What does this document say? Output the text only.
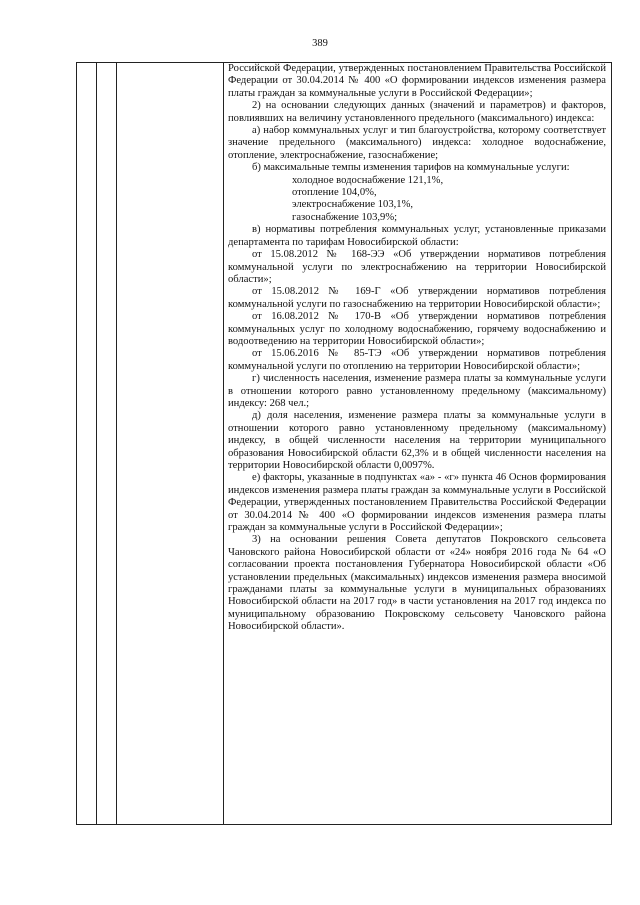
389

Российской Федерации, утвержденных постановлением Правительства Российской Федерации от 30.04.2014 № 400 «О формировании индексов изменения размера платы граждан за коммунальные услуги в Российской Федерации»;

2) на основании следующих данных (значений и параметров) и факторов, повлиявших на величину установленного предельного (максимального) индекса:

а) набор коммунальных услуг и тип благоустройства, которому соответствует значение предельного (максимального) индекса: холодное водоснабжение, отопление, электроснабжение, газоснабжение;

б) максимальные темпы изменения тарифов на коммунальные услуги:

холодное водоснабжение 121,1%,

отопление 104,0%,

электроснабжение 103,1%,

газоснабжение 103,9%;

в) нормативы потребления коммунальных услуг, установленные приказами департамента по тарифам Новосибирской области:

от 15.08.2012 № 168-ЭЭ «Об утверждении нормативов потребления коммунальной услуги по электроснабжению на территории Новосибирской области»;

от 15.08.2012 № 169-Г «Об утверждении нормативов потребления коммунальной услуги по газоснабжению на территории Новосибирской области»;

от 16.08.2012 № 170-В «Об утверждении нормативов потребления коммунальных услуг по холодному водоснабжению, горячему водоснабжению и водоотведению на территории Новосибирской области»;

от 15.06.2016 № 85-ТЭ «Об утверждении нормативов потребления коммунальной услуги по отоплению на территории Новосибирской области»;

г) численность населения, изменение размера платы за коммунальные услуги в отношении которого равно установленному предельному (максимальному) индексу: 268 чел.;

д) доля населения, изменение размера платы за коммунальные услуги в отношении которого равно установленному предельному (максимальному) индексу, в общей численности населения на территории муниципального образования Новосибирской области 62,3% и в общей численности населения на территории Новосибирской области 0,0097%.

е) факторы, указанные в подпунктах «а» - «г» пункта 46 Основ формирования индексов изменения размера платы граждан за коммунальные услуги в Российской Федерации, утвержденных постановлением Правительства Российской Федерации от 30.04.2014 № 400 «О формировании индексов изменения размера платы граждан за коммунальные услуги в Российской Федерации»;

3) на основании решения Совета депутатов Покровского сельсовета Чановского района Новосибирской области от «24» ноября 2016 года № 64 «О согласовании проекта постановления Губернатора Новосибирской области «Об установлении предельных (максимальных) индексов изменения размера вносимой гражданами платы за коммунальные услуги в муниципальных образованиях Новосибирской области на 2017 год» в части установления на 2017 год индекса по муниципальному образованию Покровскому сельсовету Чановского района Новосибирской области».
